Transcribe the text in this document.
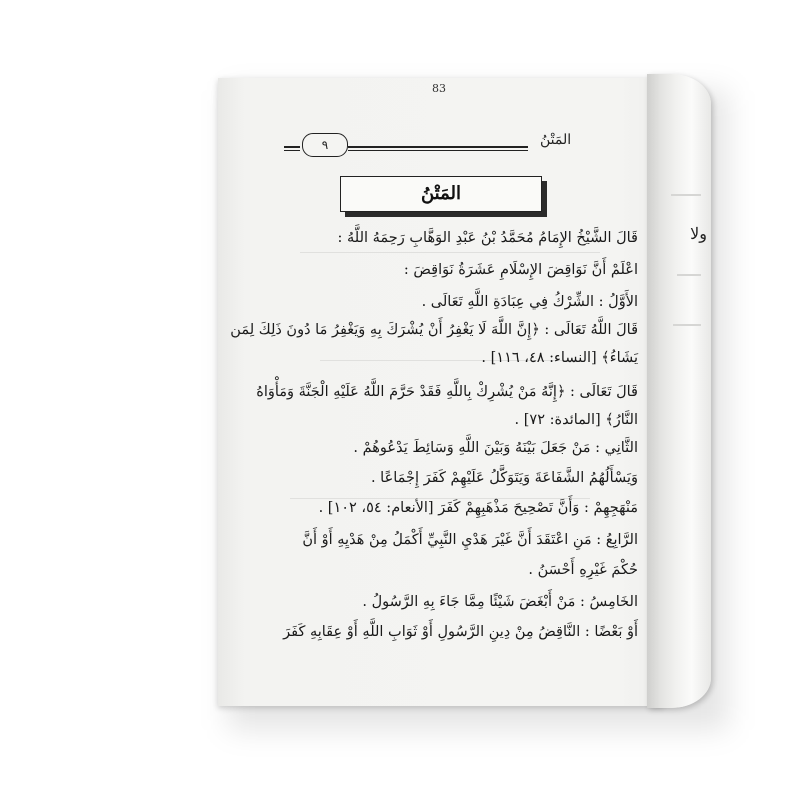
ولا
83
٩	المَتْنُ
المَتْنُ
قَالَ الشَّيْخُ الإِمَامُ مُحَمَّدُ بْنُ عَبْدِ الوَهَّابِ رَحِمَهُ اللَّهُ :
اعْلَمْ أَنَّ نَوَاقِضَ الإِسْلَامِ عَشَرَةُ نَوَاقِضَ :
الأَوَّلُ : الشِّرْكُ فِي عِبَادَةِ اللَّهِ تَعَالَى .
قَالَ اللَّهُ تَعَالَى : ﴿إِنَّ اللَّهَ لَا يَغْفِرُ أَنْ يُشْرَكَ بِهِ وَيَغْفِرُ مَا دُونَ ذَلِكَ لِمَن
يَشَاءُ﴾ [النساء: ٤٨، ١١٦] .
قَالَ تَعَالَى : ﴿إِنَّهُ مَنْ يُشْرِكْ بِاللَّهِ فَقَدْ حَرَّمَ اللَّهُ عَلَيْهِ الْجَنَّةَ وَمَأْوَاهُ
النَّارُ﴾ [المائدة: ٧٢] .
الثَّانِي : مَنْ جَعَلَ بَيْنَهُ وَبَيْنَ اللَّهِ وَسَائِطَ يَدْعُوهُمْ .
وَيَسْأَلُهُمُ الشَّفَاعَةَ وَيَتَوَكَّلُ عَلَيْهِمْ كَفَرَ إِجْمَاعًا .
مَنْهَجِهِمْ : وَأَنَّ تَصْحِيحَ مَذْهَبِهِمْ كَفَرَ [الأنعام: ٥٤، ١٠٢] .
الرَّابِعُ : مَنِ اعْتَقَدَ أَنَّ غَيْرَ هَدْيِ النَّبِيِّ أَكْمَلُ مِنْ هَدْيِهِ أَوْ أَنَّ
حُكْمَ غَيْرِهِ أَحْسَنُ .
الخَامِسُ : مَنْ أَبْغَضَ شَيْئًا مِمَّا جَاءَ بِهِ الرَّسُولُ .
أَوْ بَعْضًا : النَّاقِضُ مِنْ دِينِ الرَّسُولِ أَوْ ثَوَابِ اللَّهِ أَوْ عِقَابِهِ كَفَرَ
